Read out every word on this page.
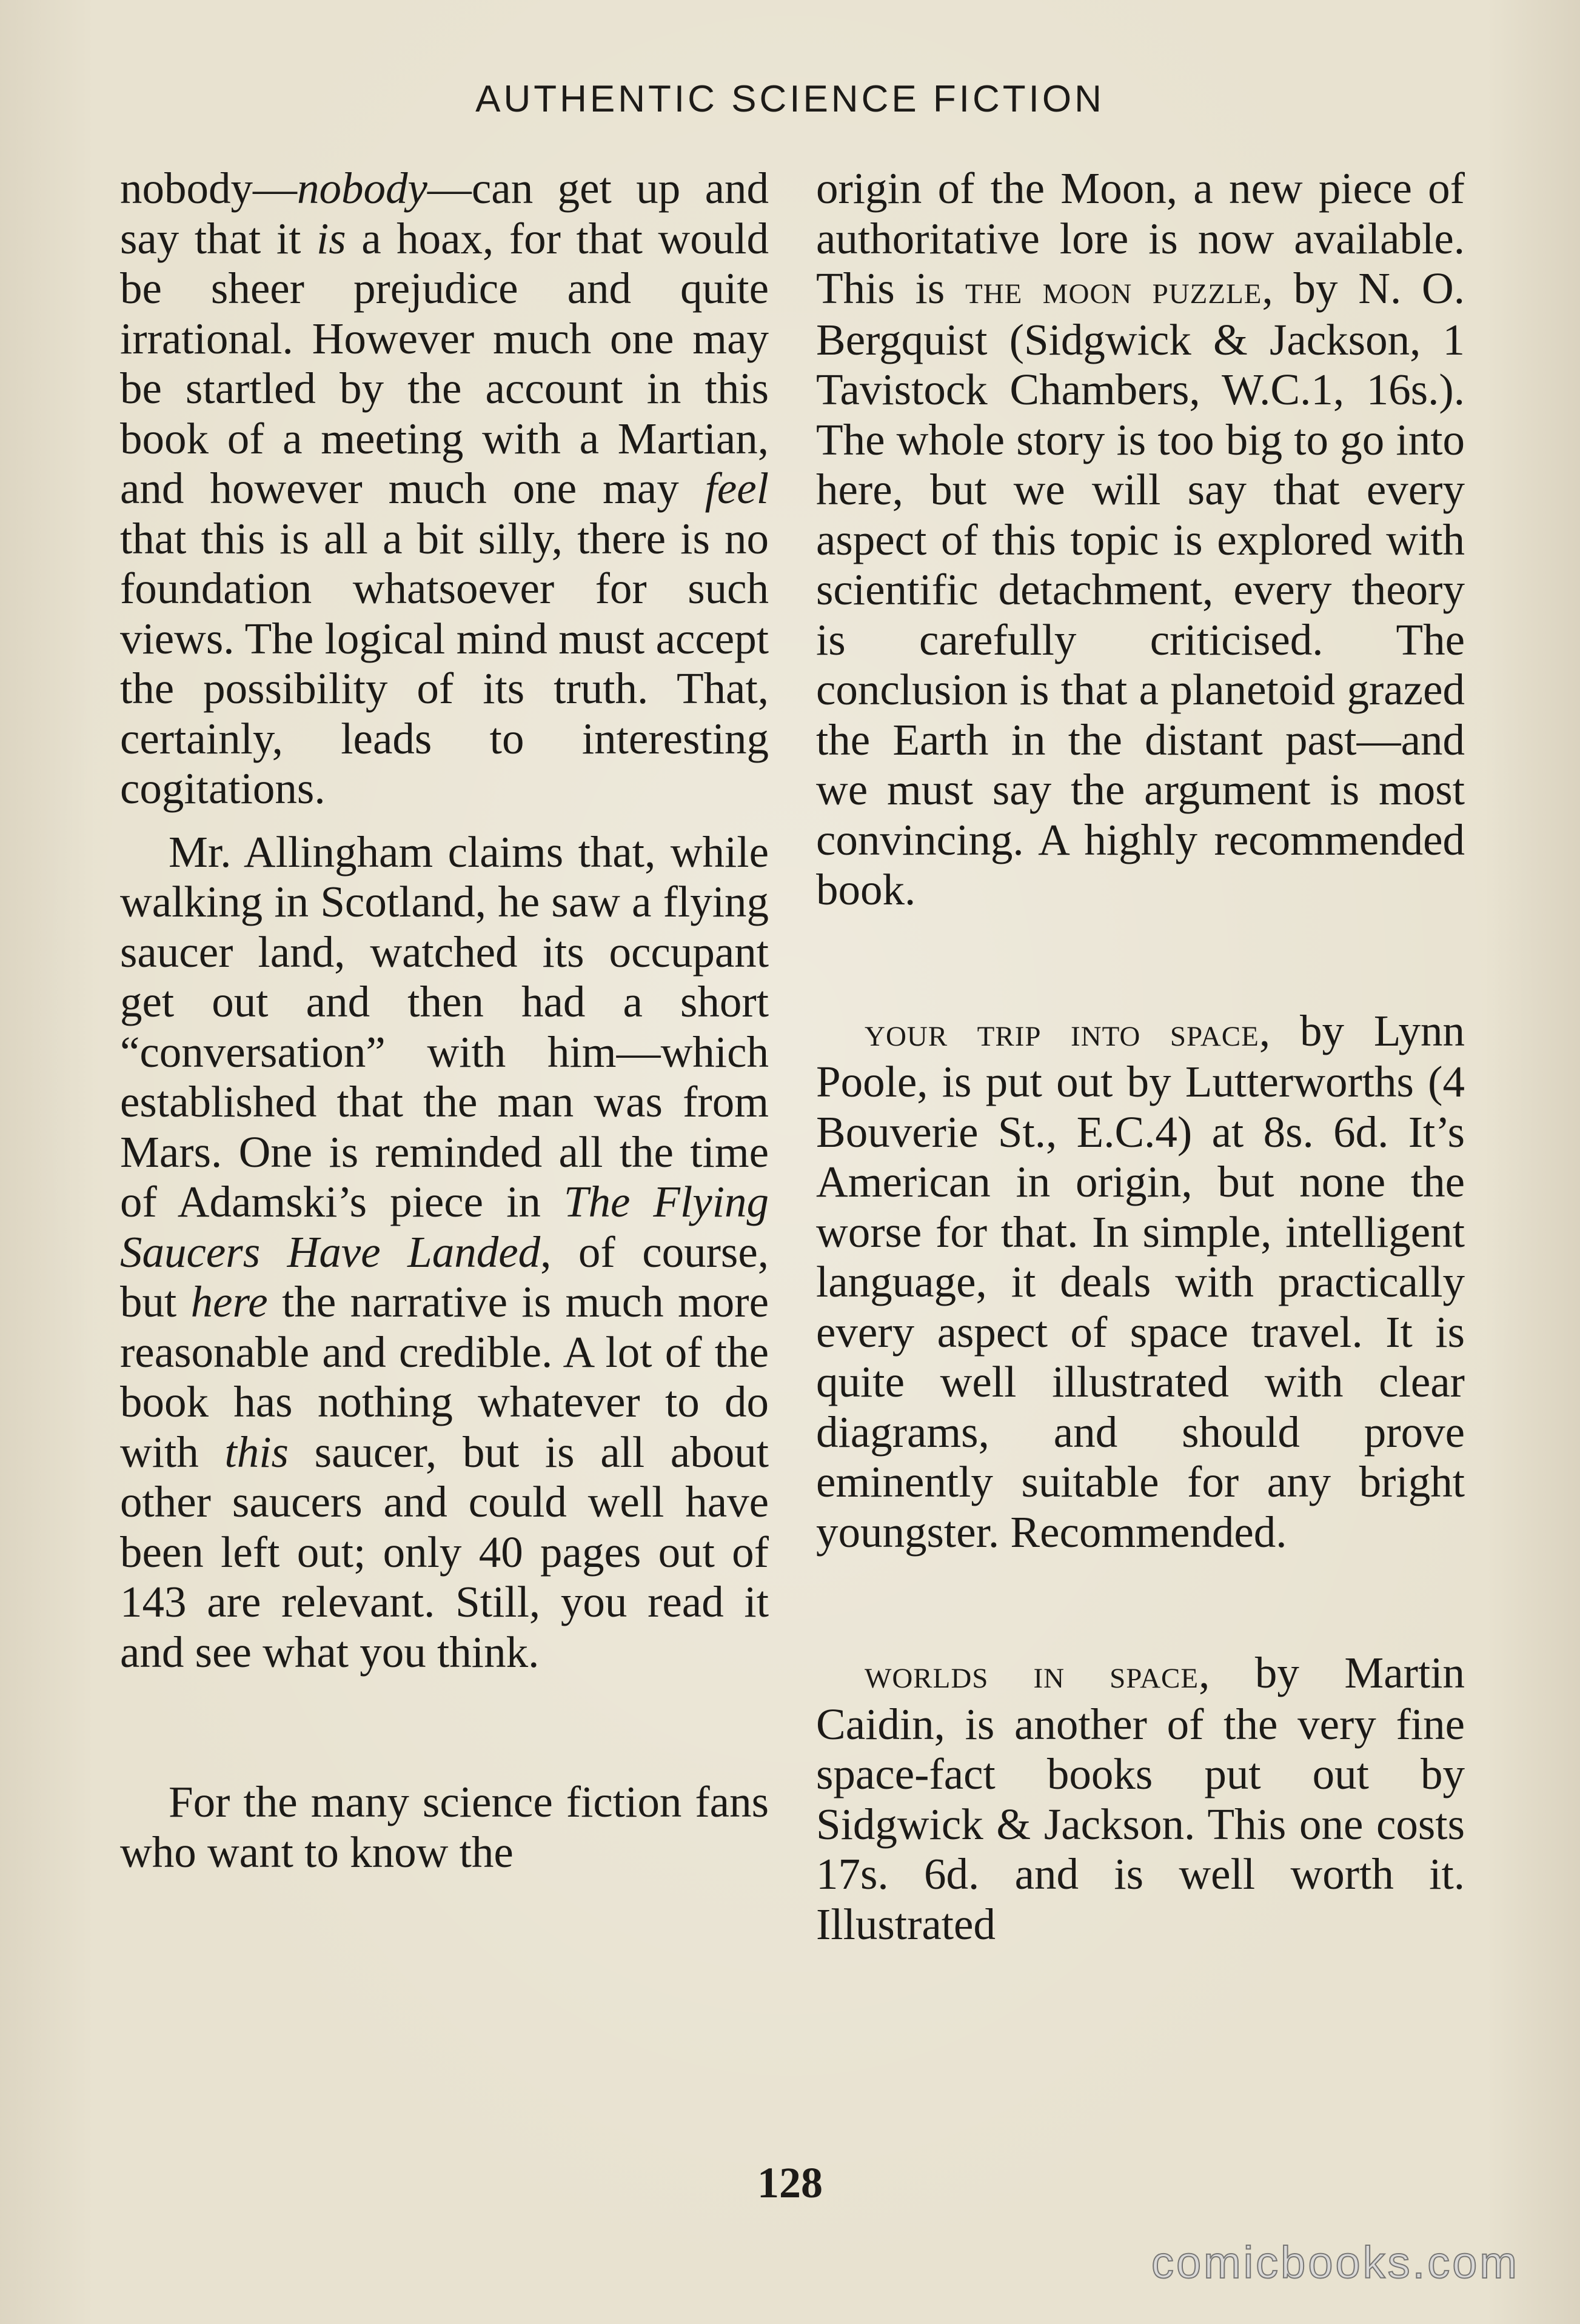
AUTHENTIC SCIENCE FICTION

nobody—nobody—can get up and say that it is a hoax, for that would be sheer prejudice and quite irrational. However much one may be startled by the account in this book of a meeting with a Martian, and however much one may feel that this is all a bit silly, there is no foundation whatsoever for such views. The logical mind must accept the possibility of its truth. That, certainly, leads to interesting cogitations.

Mr. Allingham claims that, while walking in Scotland, he saw a flying saucer land, watched its occupant get out and then had a short “conversation” with him—which established that the man was from Mars. One is reminded all the time of Adamski’s piece in The Flying Saucers Have Landed, of course, but here the narrative is much more reasonable and credible. A lot of the book has nothing whatever to do with this saucer, but is all about other saucers and could well have been left out; only 40 pages out of 143 are relevant. Still, you read it and see what you think.

For the many science fiction fans who want to know the

origin of the Moon, a new piece of authoritative lore is now available. This is the moon puzzle, by N. O. Bergquist (Sidgwick & Jackson, 1 Tavistock Chambers, W.C.1, 16s.). The whole story is too big to go into here, but we will say that every aspect of this topic is explored with scientific detachment, every theory is carefully criticised. The conclusion is that a planetoid grazed the Earth in the distant past—and we must say the argument is most convincing. A highly recommended book.

your trip into space, by Lynn Poole, is put out by Lutterworths (4 Bouverie St., E.C.4) at 8s. 6d. It’s American in origin, but none the worse for that. In simple, intelligent language, it deals with practically every aspect of space travel. It is quite well illustrated with clear diagrams, and should prove eminently suitable for any bright youngster. Recommended.

worlds in space, by Martin Caidin, is another of the very fine space-fact books put out by Sidgwick & Jackson. This one costs 17s. 6d. and is well worth it. Illustrated

128
comicbooks.com
